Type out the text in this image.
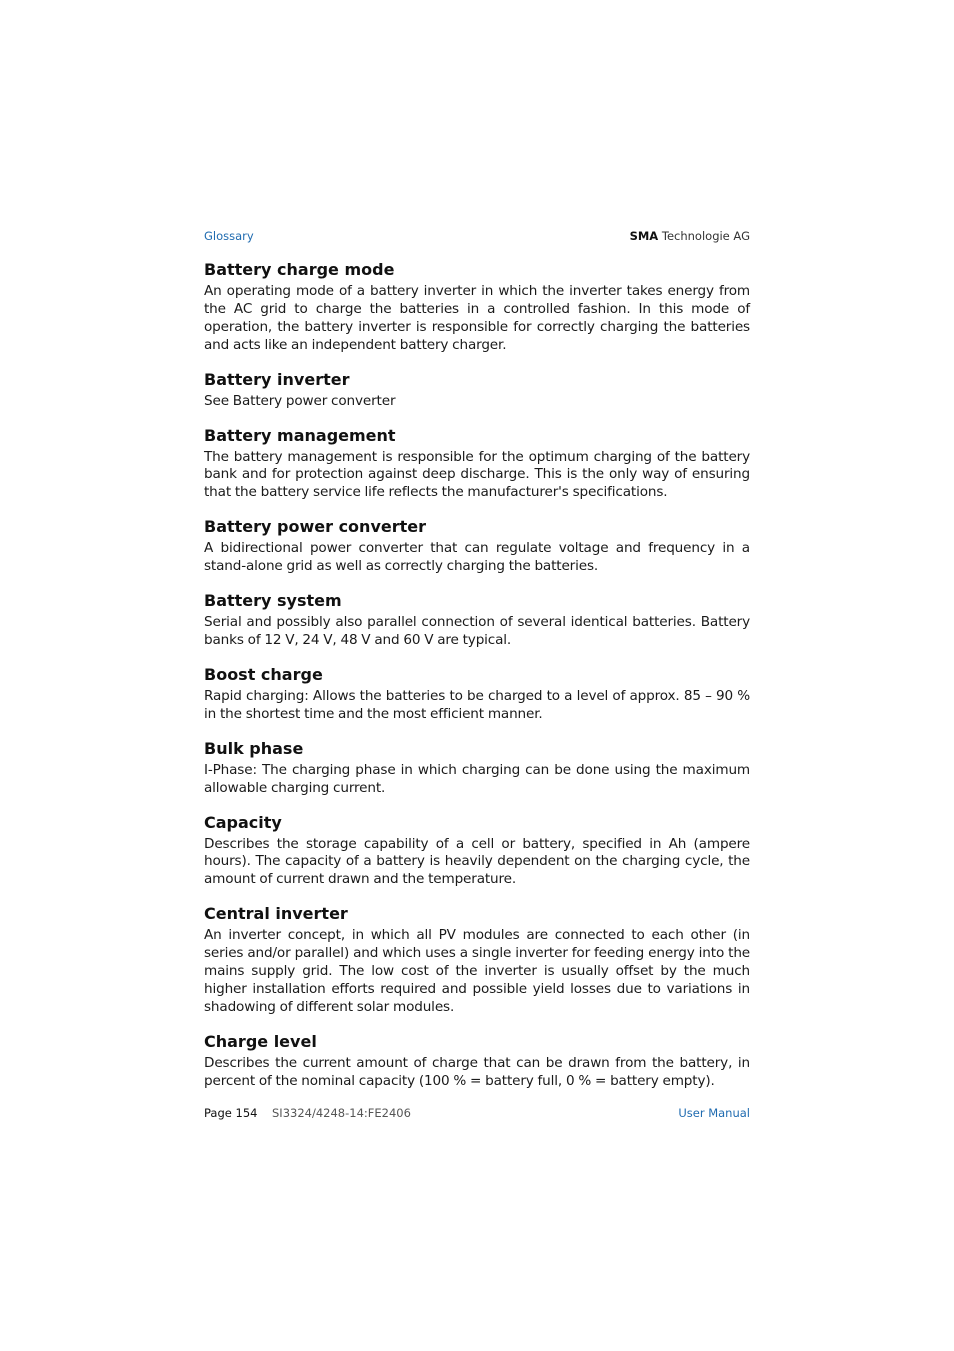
Glossary	SMA Technologie AG
Battery charge mode

An operating mode of a battery inverter in which the inverter takes energy from the AC grid to charge the batteries in a controlled fashion. In this mode of operation, the battery inverter is responsible for correctly charging the batteries and acts like an independent battery charger.

Battery inverter

See Battery power converter

Battery management

The battery management is responsible for the optimum charging of the battery bank and for protection against deep discharge. This is the only way of ensuring that the battery service life reflects the manufacturer's specifications.

Battery power converter

A bidirectional power converter that can regulate voltage and frequency in a stand-alone grid as well as correctly charging the batteries.

Battery system

Serial and possibly also parallel connection of several identical batteries. Battery banks of 12 V, 24 V, 48 V and 60 V are typical.

Boost charge

Rapid charging: Allows the batteries to be charged to a level of approx. 85 – 90 % in the shortest time and the most efficient manner.

Bulk phase

I-Phase: The charging phase in which charging can be done using the maximum allowable charging current.

Capacity

Describes the storage capability of a cell or battery, specified in Ah (ampere hours). The capacity of a battery is heavily dependent on the charging cycle, the amount of current drawn and the temperature.

Central inverter

An inverter concept, in which all PV modules are connected to each other (in series and/or parallel) and which uses a single inverter for feeding energy into the mains supply grid. The low cost of the inverter is usually offset by the much higher installation efforts required and possible yield losses due to variations in shadowing of different solar modules.

Charge level

Describes the current amount of charge that can be drawn from the battery, in percent of the nominal capacity (100 % = battery full, 0 % = battery empty).

Page 154 SI3324/4248-14:FE2406	User Manual
